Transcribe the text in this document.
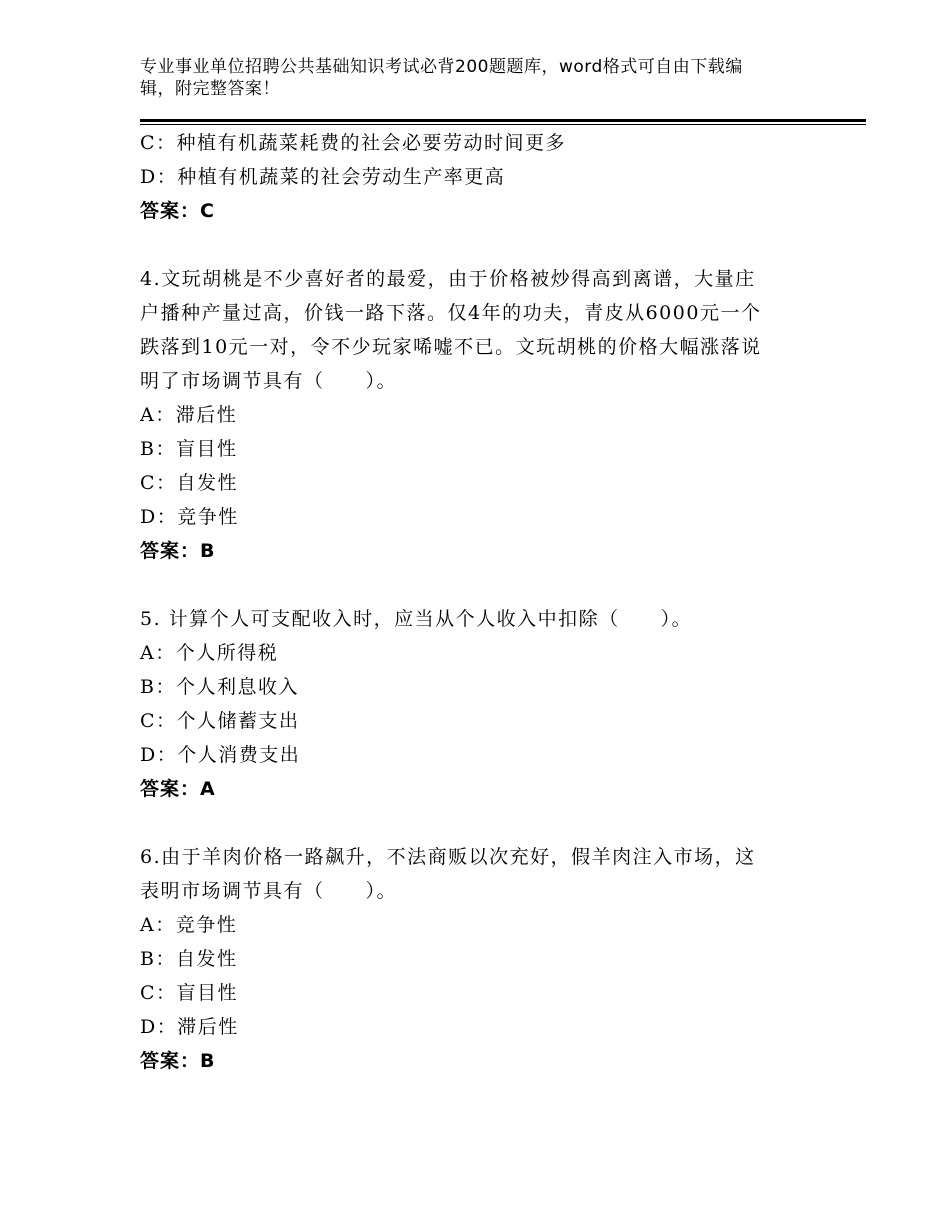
专业事业单位招聘公共基础知识考试必背200题题库，word格式可自由下载编
辑，附完整答案！
C：种植有机蔬菜耗费的社会必要劳动时间更多
D：种植有机蔬菜的社会劳动生产率更高
答案：C
4.文玩胡桃是不少喜好者的最爱，由于价格被炒得高到离谱，大量庄
户播种产量过高，价钱一路下落。仅4年的功夫，青皮从6000元一个
跌落到10元一对，令不少玩家唏嘘不已。文玩胡桃的价格大幅涨落说
明了市场调节具有（　　）。
A：滞后性
B：盲目性
C：自发性
D：竞争性
答案：B
5. 计算个人可支配收入时，应当从个人收入中扣除（　　）。
A：个人所得税
B：个人利息收入
C：个人储蓄支出
D：个人消费支出
答案：A
6.由于羊肉价格一路飙升，不法商贩以次充好，假羊肉注入市场，这
表明市场调节具有（　　）。
A：竞争性
B：自发性
C：盲目性
D：滞后性
答案：B
